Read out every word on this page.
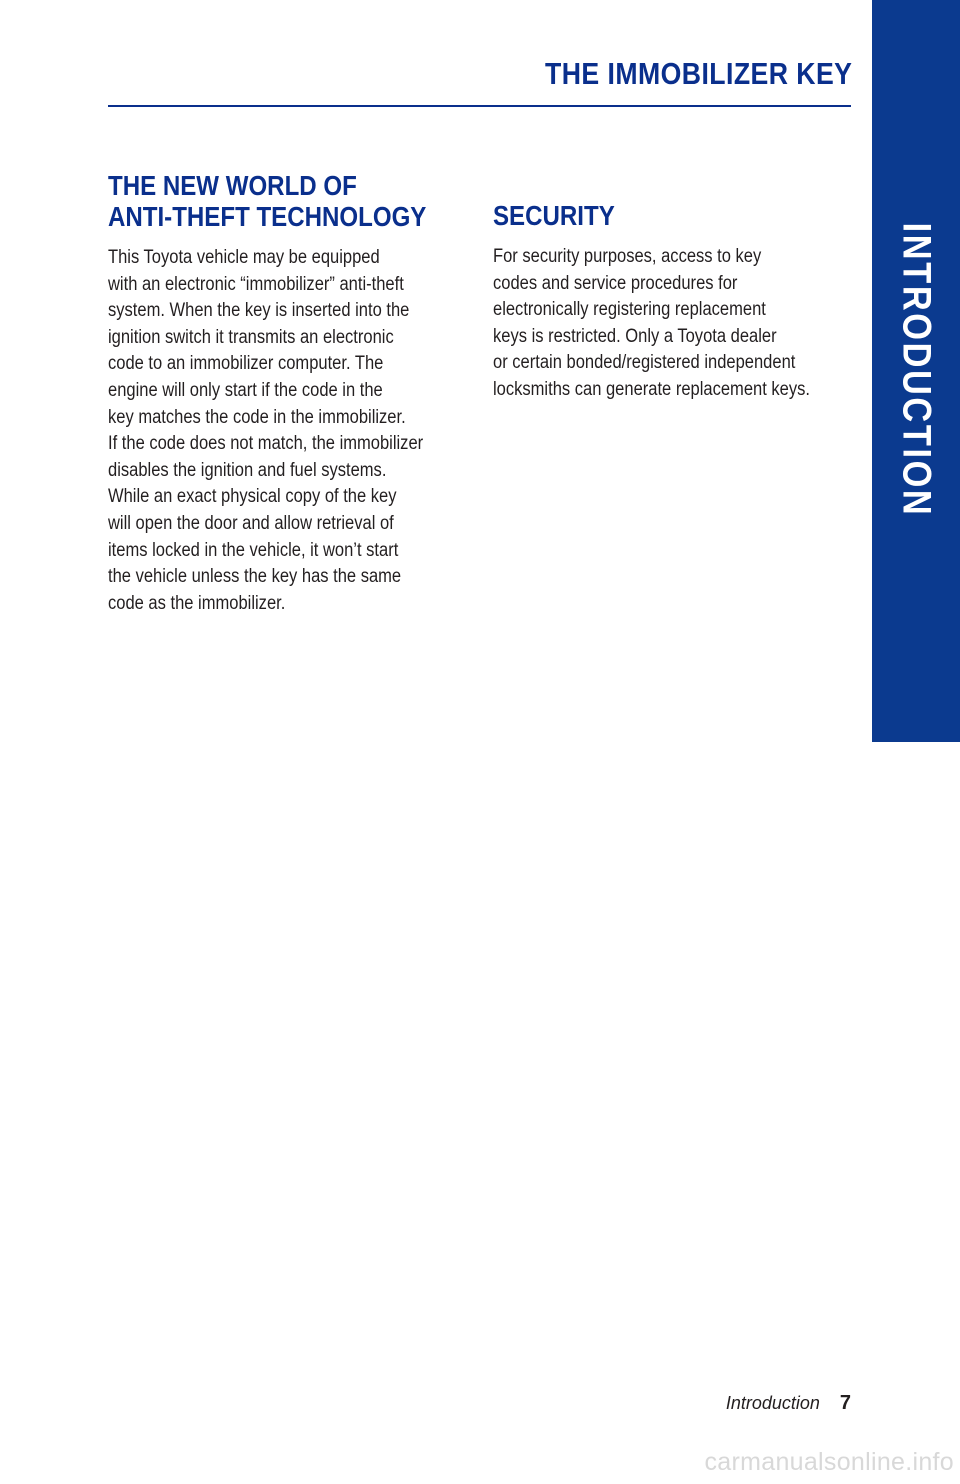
THE IMMOBILIZER KEY
INTRODUCTION
THE NEW WORLD OF
ANTI-THEFT TECHNOLOGY
This Toyota vehicle may be equipped
with an electronic “immobilizer” anti-theft
system. When the key is inserted into the
ignition switch it transmits an electronic
code to an immobilizer computer. The
engine will only start if the code in the
key matches the code in the immobilizer.
If the code does not match, the immobilizer
disables the ignition and fuel systems.
While an exact physical copy of the key
will open the door and allow retrieval of
items locked in the vehicle, it won’t start
the vehicle unless the key has the same
code as the immobilizer.
SECURITY
For security purposes, access to key
codes and service procedures for
electronically registering replacement
keys is restricted. Only a Toyota dealer
or certain bonded/registered independent
locksmiths can generate replacement keys.
Introduction 7
carmanualsonline.info
